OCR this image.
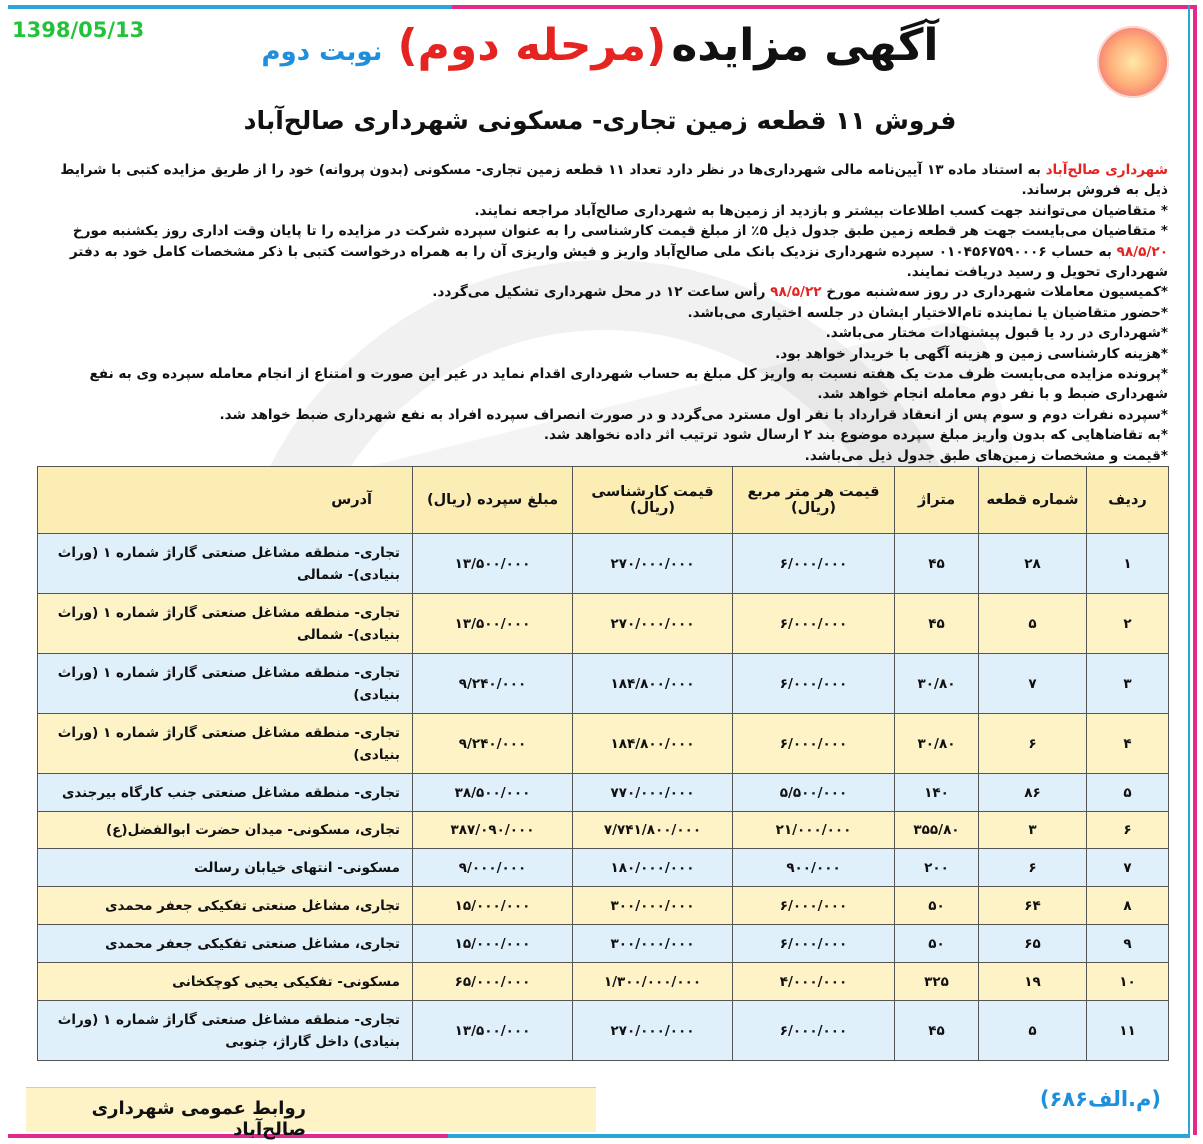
1398/05/13	آگهی مزایده (مرحله دوم) نوبت دوم
فروش ۱۱ قطعه زمین تجاری- مسکونی شهرداری صالح‌آباد

شهرداری صالح‌آباد به استناد ماده ۱۳ آیین‌نامه مالی شهرداری‌ها در نظر دارد تعداد ۱۱ قطعه زمین تجاری- مسکونی (بدون پروانه) خود را از طریق مزایده کتبی با شرایط ذیل به فروش برساند.

* متقاضیان می‌توانند جهت کسب اطلاعات بیشتر و بازدید از زمین‌ها به شهرداری صالح‌آباد مراجعه نمایند.

* متقاضیان می‌بایست جهت هر قطعه زمین طبق جدول ذیل ۵٪ از مبلغ قیمت کارشناسی را به عنوان سپرده شرکت در مزایده را تا پایان وقت اداری روز یکشنبه مورخ ۹۸/۵/۲۰ به حساب ۰۱۰۴۵۶۷۵۹۰۰۰۶ سپرده شهرداری نزدیک بانک ملی صالح‌آباد واریز و فیش واریزی آن را به همراه درخواست کتبی با ذکر مشخصات کامل خود به دفتر شهرداری تحویل و رسید دریافت نمایند.

*کمیسیون معاملات شهرداری در روز سه‌شنبه مورخ ۹۸/۵/۲۲ رأس ساعت ۱۲ در محل شهرداری تشکیل می‌گردد.

*حضور متقاضیان یا نماینده تام‌الاختیار ایشان در جلسه اختیاری می‌باشد.

*شهرداری در رد یا قبول پیشنهادات مختار می‌باشد.

*هزینه کارشناسی زمین و هزینه آگهی با خریدار خواهد بود.

*پرونده مزایده می‌بایست ظرف مدت یک هفته نسبت به واریز کل مبلغ به حساب شهرداری اقدام نماید در غیر این صورت و امتناع از انجام معامله سپرده وی به نفع شهرداری ضبط و با نفر دوم معامله انجام خواهد شد.

*سپرده نفرات دوم و سوم پس از انعقاد قرارداد با نفر اول مسترد می‌گردد و در صورت انصراف سپرده افراد به نفع شهرداری ضبط خواهد شد.

*به تقاضاهایی که بدون واریز مبلغ سپرده موضوع بند ۲ ارسال شود ترتیب اثر داده نخواهد شد.

*قیمت و مشخصات زمین‌های طبق جدول ذیل می‌باشد.

ردیف	شماره قطعه	متراژ	قیمت هر متر مربع (ریال)	قیمت کارشناسی (ریال)	مبلغ سپرده (ریال)	آدرس
۱	۲۸	۴۵	۶/۰۰۰/۰۰۰	۲۷۰/۰۰۰/۰۰۰	۱۳/۵۰۰/۰۰۰	تجاری- منطقه مشاغل صنعتی گاراژ شماره ۱ (وراث بنیادی)- شمالی
۲	۵	۴۵	۶/۰۰۰/۰۰۰	۲۷۰/۰۰۰/۰۰۰	۱۳/۵۰۰/۰۰۰	تجاری- منطقه مشاغل صنعتی گاراژ شماره ۱ (وراث بنیادی)- شمالی
۳	۷	۳۰/۸۰	۶/۰۰۰/۰۰۰	۱۸۴/۸۰۰/۰۰۰	۹/۲۴۰/۰۰۰	تجاری- منطقه مشاغل صنعتی گاراژ شماره ۱ (وراث بنیادی)
۴	۶	۳۰/۸۰	۶/۰۰۰/۰۰۰	۱۸۴/۸۰۰/۰۰۰	۹/۲۴۰/۰۰۰	تجاری- منطقه مشاغل صنعتی گاراژ شماره ۱ (وراث بنیادی)
۵	۸۶	۱۴۰	۵/۵۰۰/۰۰۰	۷۷۰/۰۰۰/۰۰۰	۳۸/۵۰۰/۰۰۰	تجاری- منطقه مشاغل صنعتی جنب کارگاه بیرجندی
۶	۳	۳۵۵/۸۰	۲۱/۰۰۰/۰۰۰	۷/۷۴۱/۸۰۰/۰۰۰	۳۸۷/۰۹۰/۰۰۰	تجاری، مسکونی- میدان حضرت ابوالفضل(ع)
۷	۶	۲۰۰	۹۰۰/۰۰۰	۱۸۰/۰۰۰/۰۰۰	۹/۰۰۰/۰۰۰	مسکونی- انتهای خیابان رسالت
۸	۶۴	۵۰	۶/۰۰۰/۰۰۰	۳۰۰/۰۰۰/۰۰۰	۱۵/۰۰۰/۰۰۰	تجاری، مشاغل صنعتی تفکیکی جعفر محمدی
۹	۶۵	۵۰	۶/۰۰۰/۰۰۰	۳۰۰/۰۰۰/۰۰۰	۱۵/۰۰۰/۰۰۰	تجاری، مشاغل صنعتی تفکیکی جعفر محمدی
۱۰	۱۹	۳۲۵	۴/۰۰۰/۰۰۰	۱/۳۰۰/۰۰۰/۰۰۰	۶۵/۰۰۰/۰۰۰	مسکونی- تفکیکی یحیی کوچکخانی
۱۱	۵	۴۵	۶/۰۰۰/۰۰۰	۲۷۰/۰۰۰/۰۰۰	۱۳/۵۰۰/۰۰۰	تجاری- منطقه مشاغل صنعتی گاراژ شماره ۱ (وراث بنیادی) داخل گاراژ، جنوبی
روابط عمومی شهرداری صالح‌آباد
(م.الف۶۸۶)
